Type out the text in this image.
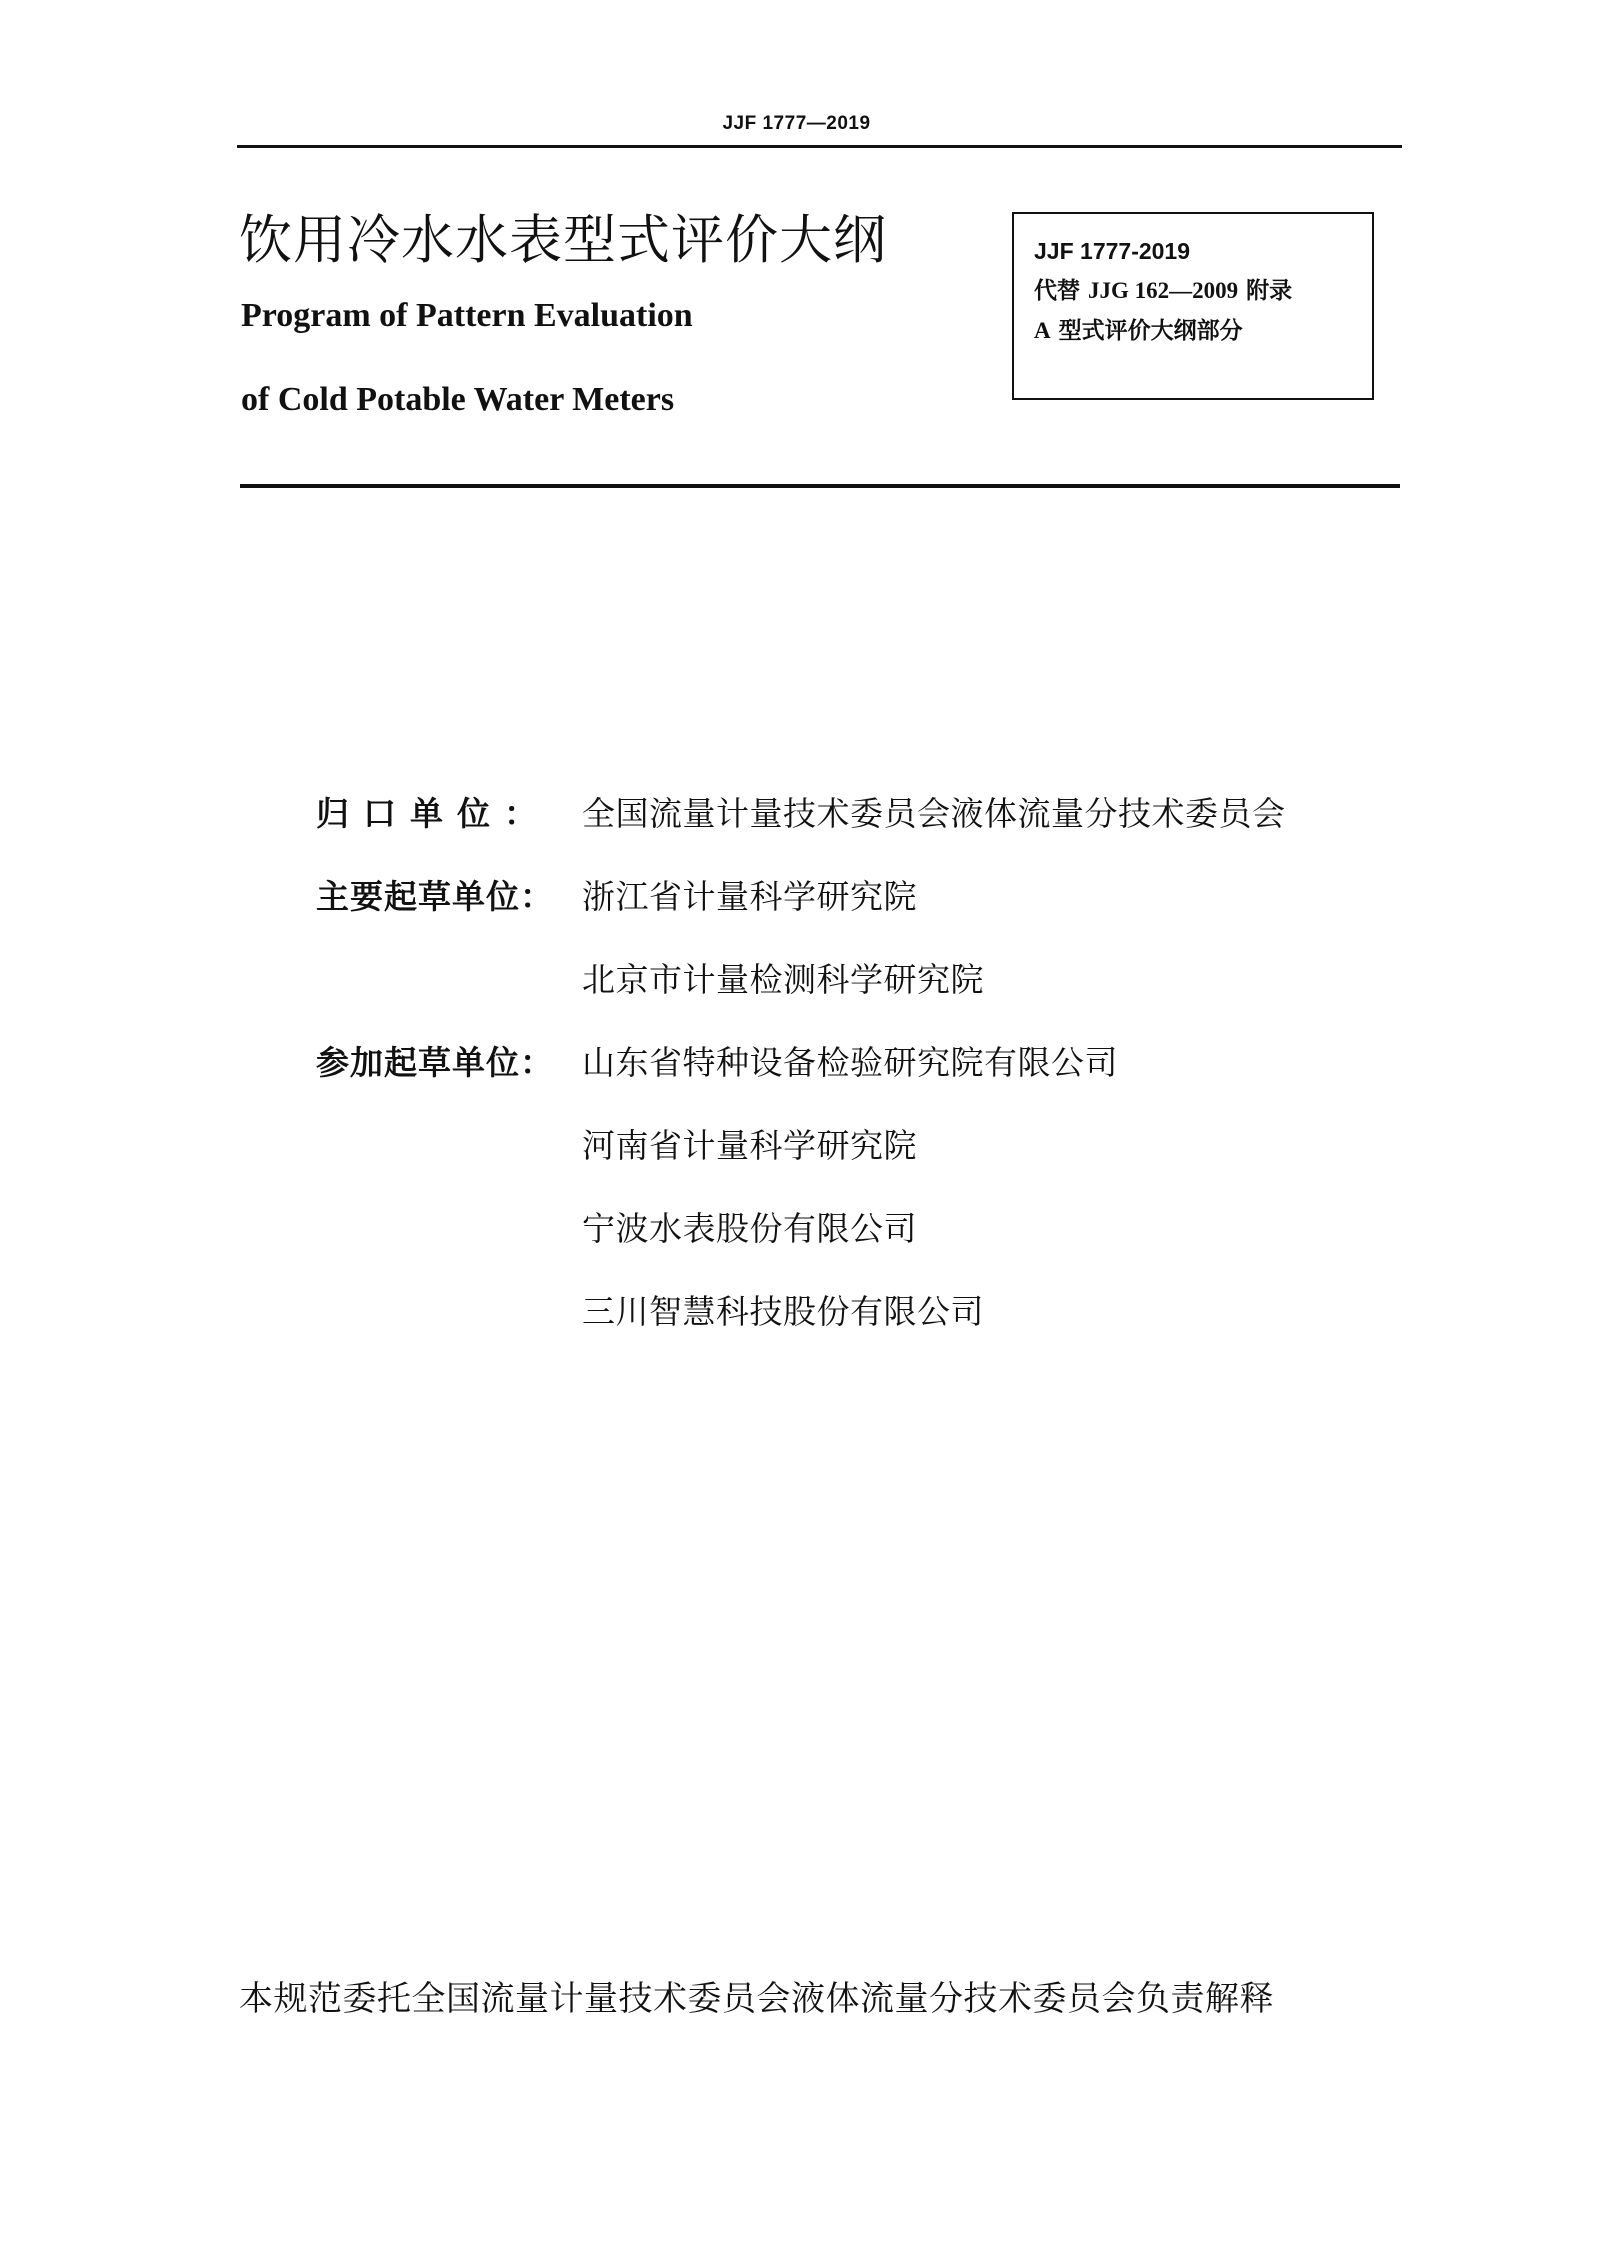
JJF 1777—2019
饮用冷水水表型式评价大纲
Program of Pattern Evaluation
of Cold Potable Water Meters
JJF 1777-2019
代替 JJG 162—2009 附录
A 型式评价大纲部分
归口单位： 全国流量计量技术委员会液体流量分技术委员会
主要起草单位： 浙江省计量科学研究院
北京市计量检测科学研究院
参加起草单位： 山东省特种设备检验研究院有限公司
河南省计量科学研究院
宁波水表股份有限公司
三川智慧科技股份有限公司
本规范委托全国流量计量技术委员会液体流量分技术委员会负责解释
